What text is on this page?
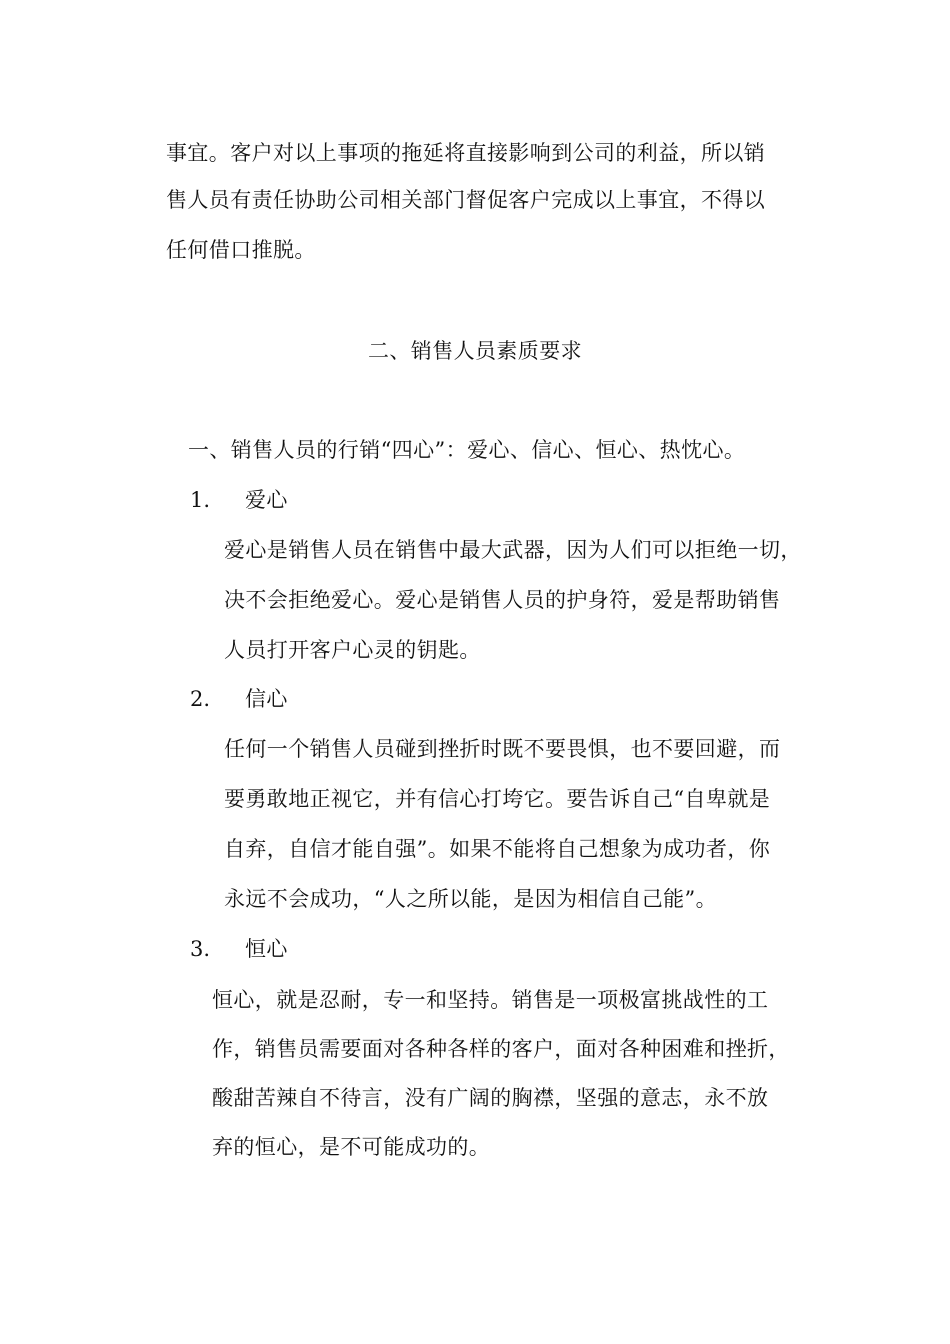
事宜。客户对以上事项的拖延将直接影响到公司的利益，所以销
售人员有责任协助公司相关部门督促客户完成以上事宜，不得以
任何借口推脱。
二、销售人员素质要求
一、销售人员的行销“四心”：爱心、信心、恒心、热忱心。
1. 爱心
爱心是销售人员在销售中最大武器，因为人们可以拒绝一切，
决不会拒绝爱心。爱心是销售人员的护身符，爱是帮助销售
人员打开客户心灵的钥匙。
2. 信心
任何一个销售人员碰到挫折时既不要畏惧，也不要回避，而
要勇敢地正视它，并有信心打垮它。要告诉自己“自卑就是
自弃，自信才能自强”。如果不能将自己想象为成功者，你
永远不会成功，“人之所以能，是因为相信自己能”。
3. 恒心
恒心，就是忍耐，专一和坚持。销售是一项极富挑战性的工
作，销售员需要面对各种各样的客户，面对各种困难和挫折，
酸甜苦辣自不待言，没有广阔的胸襟，坚强的意志，永不放
弃的恒心，是不可能成功的。
